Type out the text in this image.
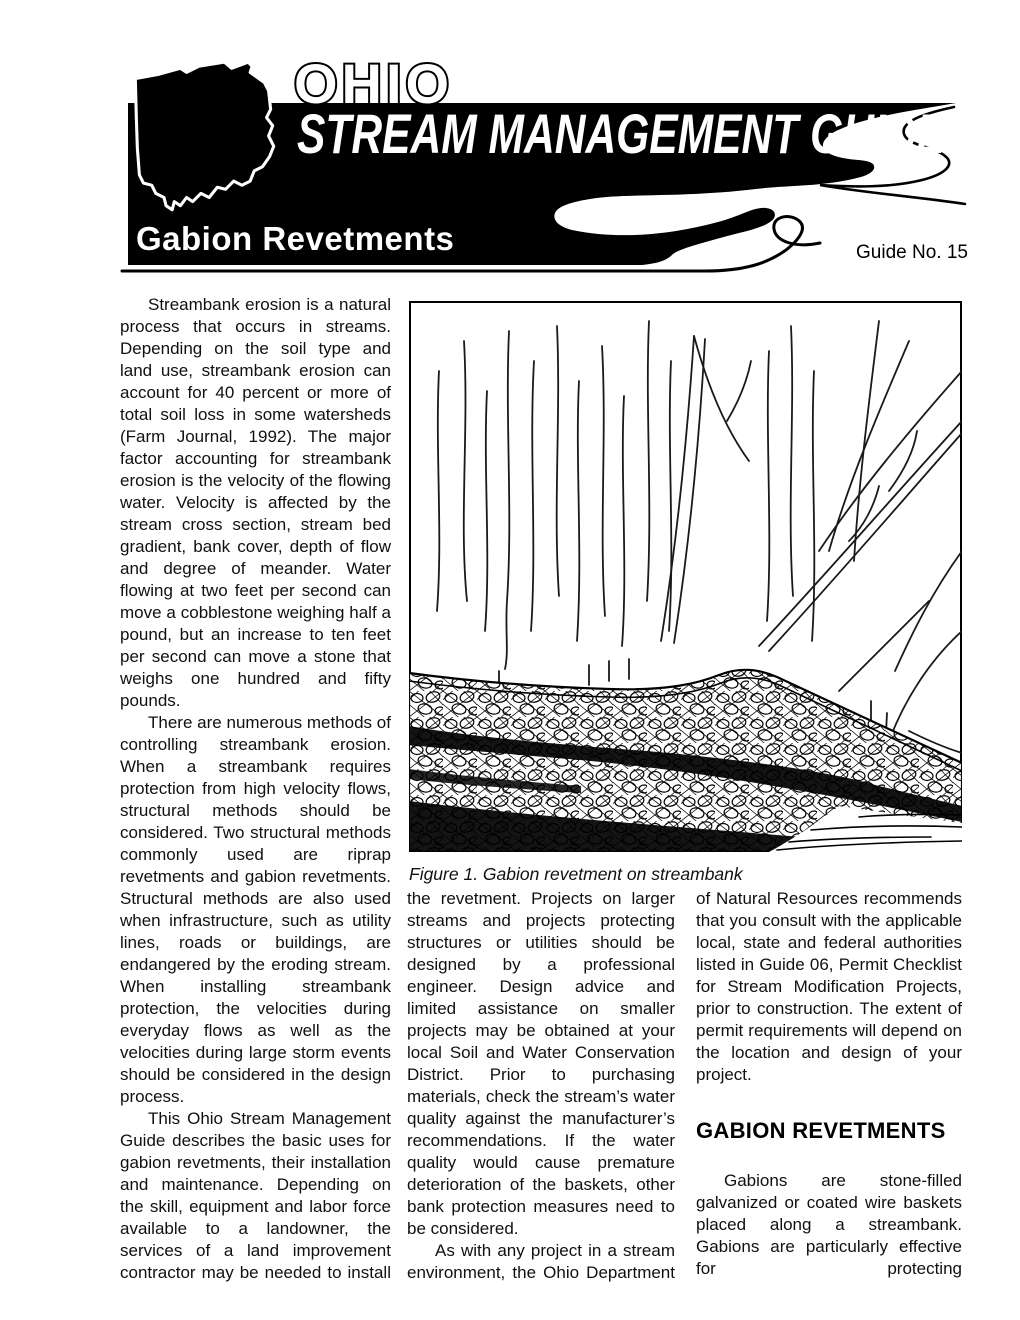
OHIO
STREAM MANAGEMENT GUIDE
Gabion Revetments	Guide No. 15
Figure 1. Gabion revetment on streambank

Streambank erosion is a natural process that occurs in streams. Depending on the soil type and land use, streambank erosion can account for 40 percent or more of total soil loss in some watersheds (Farm Journal, 1992). The major factor accounting for streambank erosion is the velocity of the flowing water. Velocity is affected by the stream cross section, stream bed gradient, bank cover, depth of flow and degree of meander. Water flowing at two feet per second can move a cobblestone weighing half a pound, but an increase to ten feet per second can move a stone that weighs one hundred and fifty pounds.

There are numerous methods of controlling streambank erosion. When a streambank requires protection from high velocity flows, structural methods should be considered. Two structural methods commonly used are riprap revetments and gabion revetments. Structural methods are also used when infrastructure, such as utility lines, roads or buildings, are endangered by the eroding stream. When installing streambank protection, the velocities during everyday flows as well as the velocities during large storm events should be considered in the design process.

This Ohio Stream Management Guide describes the basic uses for gabion revetments, their installation and maintenance. Depending on the skill, equipment and labor force available to a landowner, the services of a land improvement contractor may be needed to install

the revetment. Projects on larger streams and projects protecting structures or utilities should be designed by a professional engineer. Design advice and limited assistance on smaller projects may be obtained at your local Soil and Water Conservation District. Prior to purchasing materials, check the stream’s water quality against the manufacturer’s recommendations. If the water quality would cause premature deterioration of the baskets, other bank protection measures need to be considered.

As with any project in a stream environment, the Ohio Department

of Natural Resources recommends that you consult with the applicable local, state and federal authorities listed in Guide 06, Permit Checklist for Stream Modification Projects, prior to construction. The extent of permit requirements will depend on the location and design of your project.

GABION REVETMENTS

Gabions are stone-filled galvanized or coated wire baskets placed along a streambank. Gabions are particularly effective for protecting
